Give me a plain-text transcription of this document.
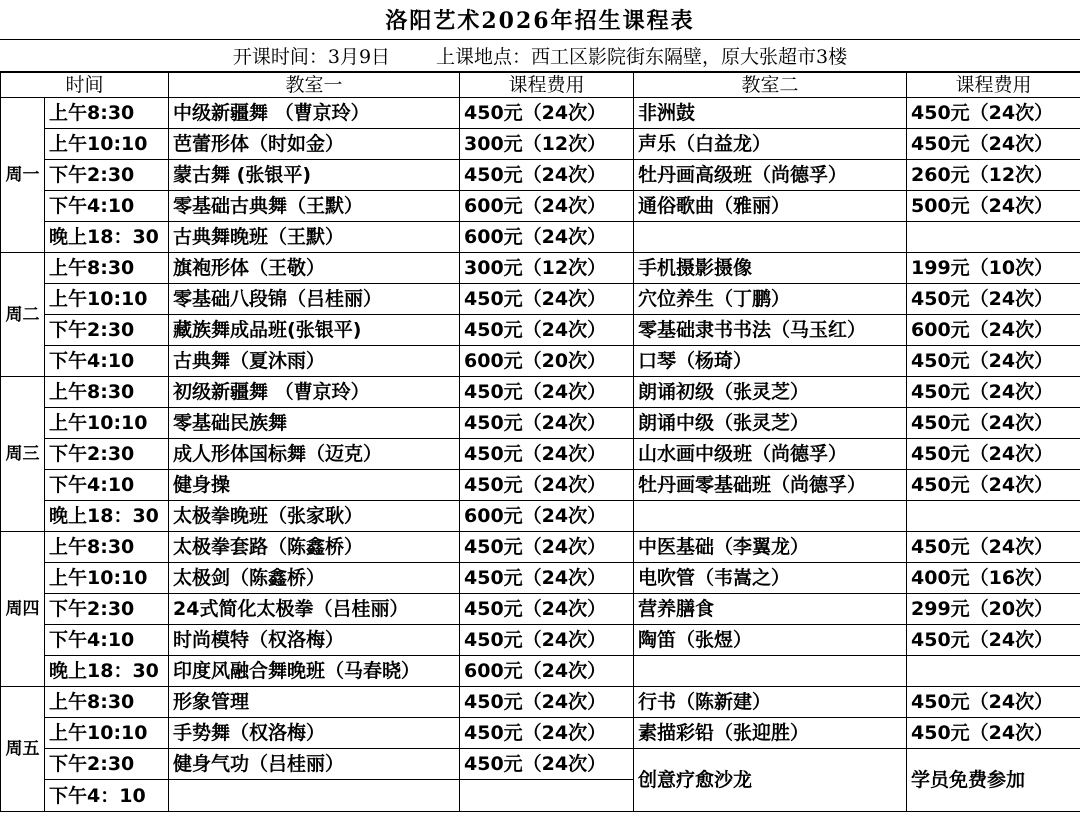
洛阳艺术2026年招生课程表
开课时间：3月9日 上课地点：西工区影院街东隔壁，原大张超市3楼
时间		教室一	课程费用	教室二	课程费用
周一	上午8:30	中级新疆舞 （曹京玲）	450元（24次）	非洲鼓	450元（24次）
	上午10:10	芭蕾形体（时如金）	300元（12次）	声乐（白益龙）	450元（24次）
	下午2:30	蒙古舞 (张银平)	450元（24次）	牡丹画高级班（尚德孚）	260元（12次）
	下午4:10	零基础古典舞（王默）	600元（24次）	通俗歌曲（雅丽）	500元（24次）
	晚上18：30	古典舞晚班（王默）	600元（24次）		
周二	上午8:30	旗袍形体（王敬）	300元（12次）	手机摄影摄像	199元（10次）
	上午10:10	零基础八段锦（吕桂丽）	450元（24次）	穴位养生（丁鹏）	450元（24次）
	下午2:30	藏族舞成品班(张银平)	450元（24次）	零基础隶书书法（马玉红）	600元（24次）
	下午4:10	古典舞（夏沐雨）	600元（20次）	口琴（杨琦）	450元（24次）
周三	上午8:30	初级新疆舞 （曹京玲）	450元（24次）	朗诵初级（张灵芝）	450元（24次）
	上午10:10	零基础民族舞	450元（24次）	朗诵中级（张灵芝）	450元（24次）
	下午2:30	成人形体国标舞（迈克）	450元（24次）	山水画中级班（尚德孚）	450元（24次）
	下午4:10	健身操	450元（24次）	牡丹画零基础班（尚德孚）	450元（24次）
	晚上18：30	太极拳晚班（张家耿）	600元（24次）		
周四	上午8:30	太极拳套路（陈鑫桥）	450元（24次）	中医基础（李翼龙）	450元（24次）
	上午10:10	太极剑（陈鑫桥）	450元（24次）	电吹管（韦嵩之）	400元（16次）
	下午2:30	24式简化太极拳（吕桂丽）	450元（24次）	营养膳食	299元（20次）
	下午4:10	时尚模特（权洛梅）	450元（24次）	陶笛（张煜）	450元（24次）
	晚上18：30	印度风融合舞晚班（马春晓）	600元（24次）		
周五	上午8:30	形象管理	450元（24次）	行书（陈新建）	450元（24次）
	上午10:10	手势舞（权洛梅）	450元（24次）	素描彩铅（张迎胜）	450元（24次）
	下午2:30	健身气功（吕桂丽）	450元（24次）	创意疗愈沙龙	学员免费参加
	下午4：10				
